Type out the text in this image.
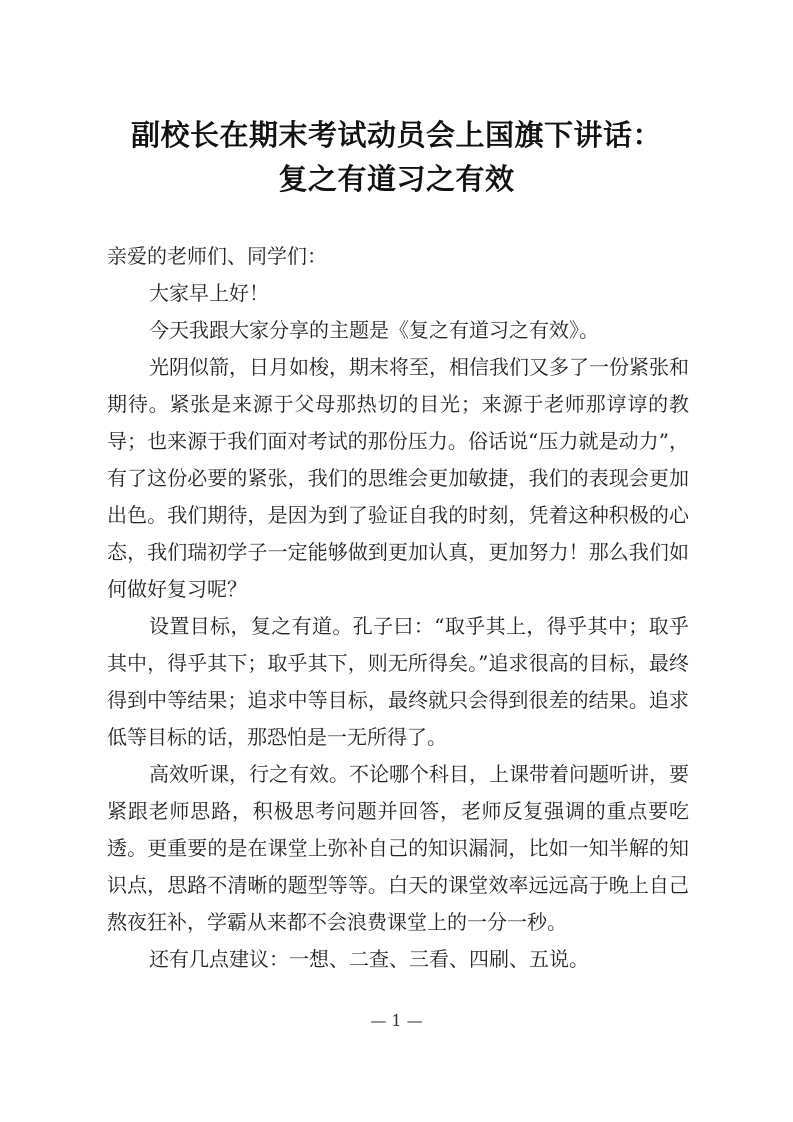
副校长在期末考试动员会上国旗下讲话：
复之有道习之有效

亲爱的老师们、同学们：

大家早上好！

今天我跟大家分享的主题是《复之有道习之有效》。

光阴似箭，日月如梭，期末将至，相信我们又多了一份紧张和期待。紧张是来源于父母那热切的目光；来源于老师那谆谆的教导；也来源于我们面对考试的那份压力。俗话说“压力就是动力”，有了这份必要的紧张，我们的思维会更加敏捷，我们的表现会更加出色。我们期待，是因为到了验证自我的时刻，凭着这种积极的心态，我们瑞初学子一定能够做到更加认真，更加努力！那么我们如何做好复习呢？

设置目标，复之有道。孔子曰：“取乎其上，得乎其中；取乎其中，得乎其下；取乎其下，则无所得矣。”追求很高的目标，最终得到中等结果；追求中等目标，最终就只会得到很差的结果。追求低等目标的话，那恐怕是一无所得了。

高效听课，行之有效。不论哪个科目，上课带着问题听讲，要紧跟老师思路，积极思考问题并回答，老师反复强调的重点要吃透。更重要的是在课堂上弥补自己的知识漏洞，比如一知半解的知识点，思路不清晰的题型等等。白天的课堂效率远远高于晚上自己熬夜狂补，学霸从来都不会浪费课堂上的一分一秒。

还有几点建议：一想、二查、三看、四刷、五说。

— 1 —
